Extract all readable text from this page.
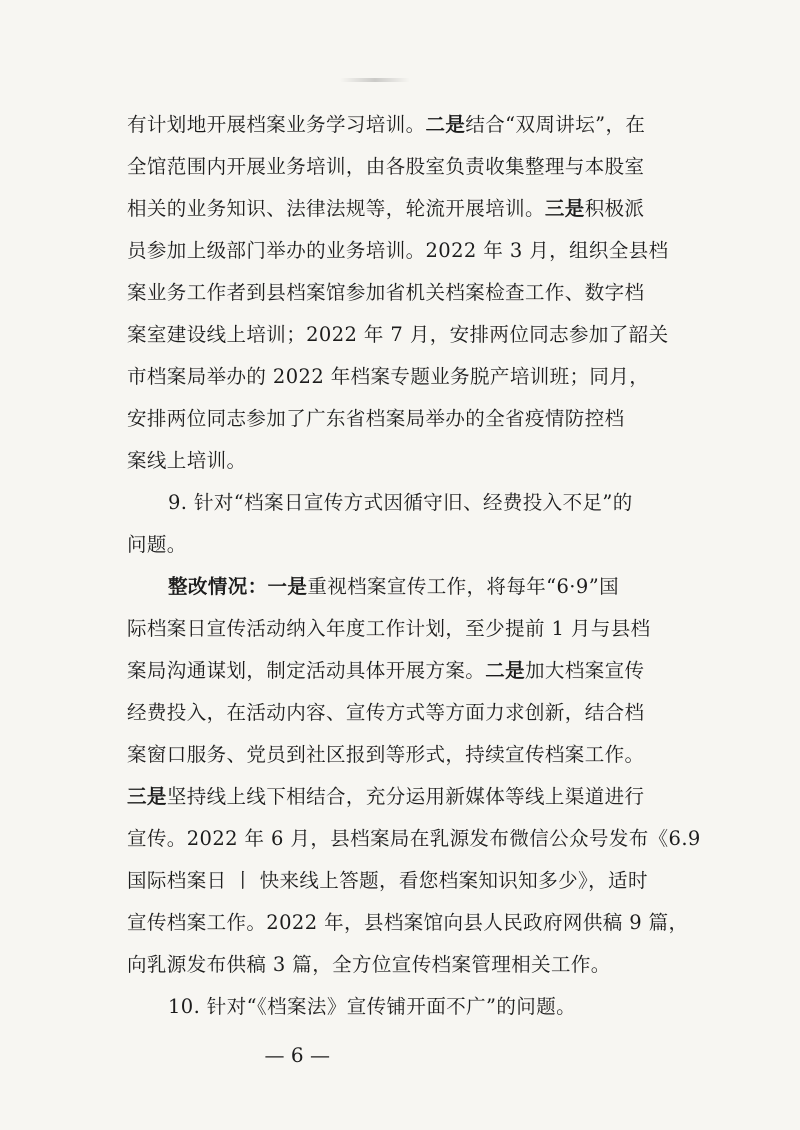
有计划地开展档案业务学习培训。二是结合“双周讲坛”，在
全馆范围内开展业务培训，由各股室负责收集整理与本股室
相关的业务知识、法律法规等，轮流开展培训。三是积极派
员参加上级部门举办的业务培训。2022 年 3 月，组织全县档
案业务工作者到县档案馆参加省机关档案检查工作、数字档
案室建设线上培训；2022 年 7 月，安排两位同志参加了韶关
市档案局举办的 2022 年档案专题业务脱产培训班；同月，
安排两位同志参加了广东省档案局举办的全省疫情防控档
案线上培训。
9. 针对“档案日宣传方式因循守旧、经费投入不足”的
问题。
整改情况：一是重视档案宣传工作，将每年“6·9”国
际档案日宣传活动纳入年度工作计划，至少提前 1 月与县档
案局沟通谋划，制定活动具体开展方案。二是加大档案宣传
经费投入，在活动内容、宣传方式等方面力求创新，结合档
案窗口服务、党员到社区报到等形式，持续宣传档案工作。
三是坚持线上线下相结合，充分运用新媒体等线上渠道进行
宣传。2022 年 6 月，县档案局在乳源发布微信公众号发布《6.9
国际档案日 丨 快来线上答题，看您档案知识知多少》，适时
宣传档案工作。2022 年，县档案馆向县人民政府网供稿 9 篇，
向乳源发布供稿 3 篇，全方位宣传档案管理相关工作。
10. 针对“《档案法》宣传铺开面不广”的问题。
— 6 —
